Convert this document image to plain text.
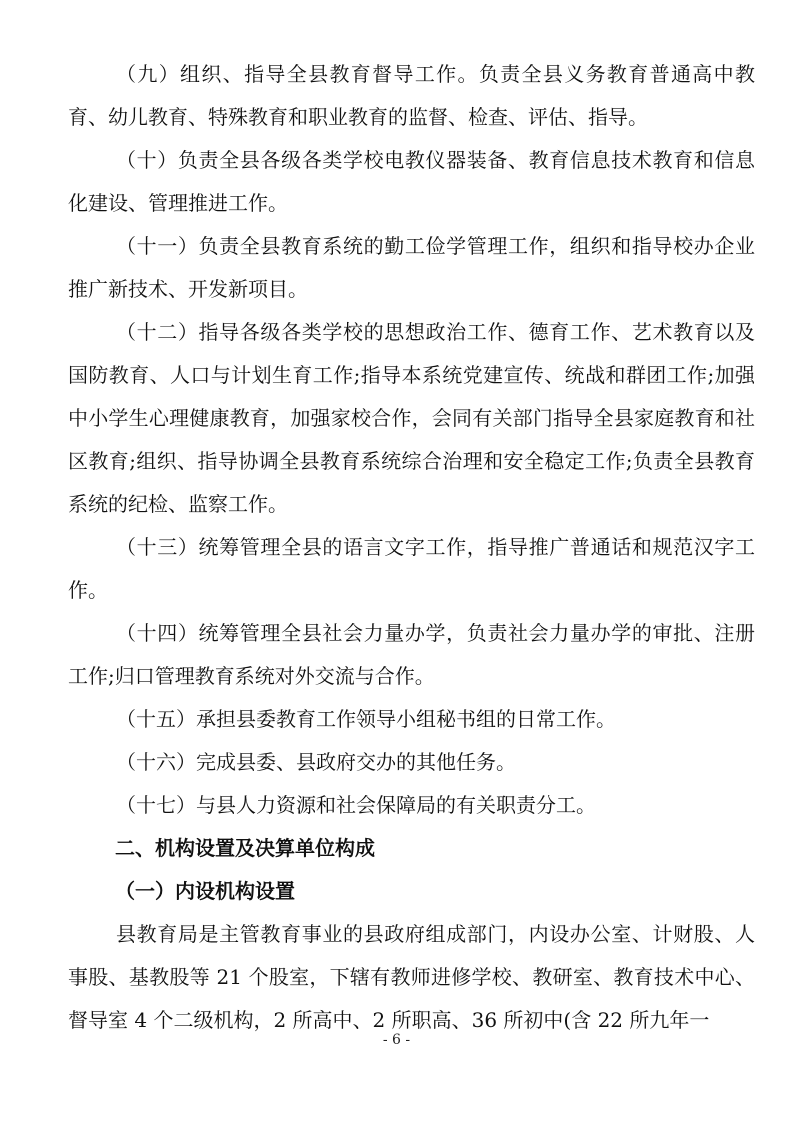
（九）组织、指导全县教育督导工作。负责全县义务教育普通高中教育、幼儿教育、特殊教育和职业教育的监督、检查、评估、指导。

（十）负责全县各级各类学校电教仪器装备、教育信息技术教育和信息化建设、管理推进工作。

（十一）负责全县教育系统的勤工俭学管理工作，组织和指导校办企业推广新技术、开发新项目。

（十二）指导各级各类学校的思想政治工作、德育工作、艺术教育以及国防教育、人口与计划生育工作;指导本系统党建宣传、统战和群团工作;加强中小学生心理健康教育，加强家校合作，会同有关部门指导全县家庭教育和社区教育;组织、指导协调全县教育系统综合治理和安全稳定工作;负责全县教育系统的纪检、监察工作。

（十三）统筹管理全县的语言文字工作，指导推广普通话和规范汉字工作。

（十四）统筹管理全县社会力量办学，负责社会力量办学的审批、注册工作;归口管理教育系统对外交流与合作。

（十五）承担县委教育工作领导小组秘书组的日常工作。

（十六）完成县委、县政府交办的其他任务。

（十七）与县人力资源和社会保障局的有关职责分工。

二、机构设置及决算单位构成
（一）内设机构设置

县教育局是主管教育事业的县政府组成部门，内设办公室、计财股、人事股、基教股等 21 个股室，下辖有教师进修学校、教研室、教育技术中心、督导室 4 个二级机构，2 所高中、2 所职高、36 所初中(含 22 所九年一

- 6 -
